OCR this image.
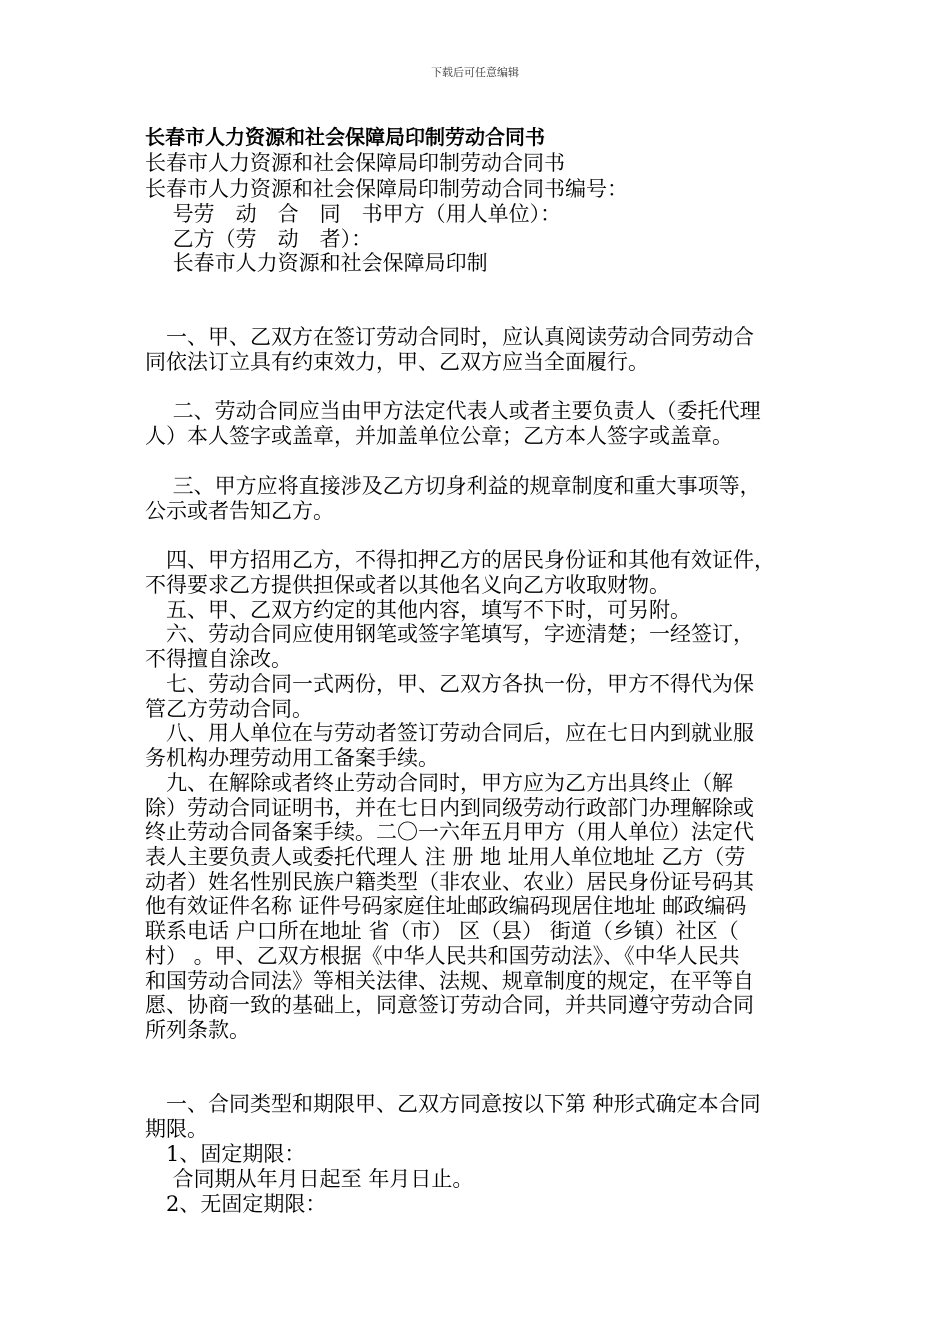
下载后可任意编辑
长春市人力资源和社会保障局印制劳动合同书
长春市人力资源和社会保障局印制劳动合同书
长春市人力资源和社会保障局印制劳动合同书编号：
　 号劳　动　合　同　书甲方（用人单位）：
　 乙方（劳　动　者）：
　 长春市人力资源和社会保障局印制
　一、甲、乙双方在签订劳动合同时，应认真阅读劳动合同劳动合
同依法订立具有约束效力，甲、乙双方应当全面履行。
　 二、劳动合同应当由甲方法定代表人或者主要负责人（委托代理
人）本人签字或盖章，并加盖单位公章；乙方本人签字或盖章。
　 三、甲方应将直接涉及乙方切身利益的规章制度和重大事项等，
公示或者告知乙方。
　四、甲方招用乙方，不得扣押乙方的居民身份证和其他有效证件，
不得要求乙方提供担保或者以其他名义向乙方收取财物。
　五、甲、乙双方约定的其他内容，填写不下时，可另附。
　六、劳动合同应使用钢笔或签字笔填写，字迹清楚；一经签订，
不得擅自涂改。
　七、劳动合同一式两份，甲、乙双方各执一份，甲方不得代为保
管乙方劳动合同。
　八、用人单位在与劳动者签订劳动合同后，应在七日内到就业服
务机构办理劳动用工备案手续。
　九、在解除或者终止劳动合同时，甲方应为乙方出具终止（解
除）劳动合同证明书，并在七日内到同级劳动行政部门办理解除或
终止劳动合同备案手续。二〇一六年五月甲方（用人单位）法定代
表人主要负责人或委托代理人 注 册 地 址用人单位地址 乙方（劳
动者）姓名性别民族户籍类型（非农业、农业）居民身份证号码其
他有效证件名称 证件号码家庭住址邮政编码现居住地址 邮政编码
联系电话 户口所在地址 省（市） 区（县） 街道（乡镇）社区（
村） 。甲、乙双方根据《中华人民共和国劳动法》、《中华人民共
和国劳动合同法》等相关法律、法规、规章制度的规定，在平等自
愿、协商一致的基础上，同意签订劳动合同，并共同遵守劳动合同
所列条款。
　一、合同类型和期限甲、乙双方同意按以下第 种形式确定本合同
期限。
　1、固定期限：
　 合同期从年月日起至 年月日止。
　2、无固定期限：
